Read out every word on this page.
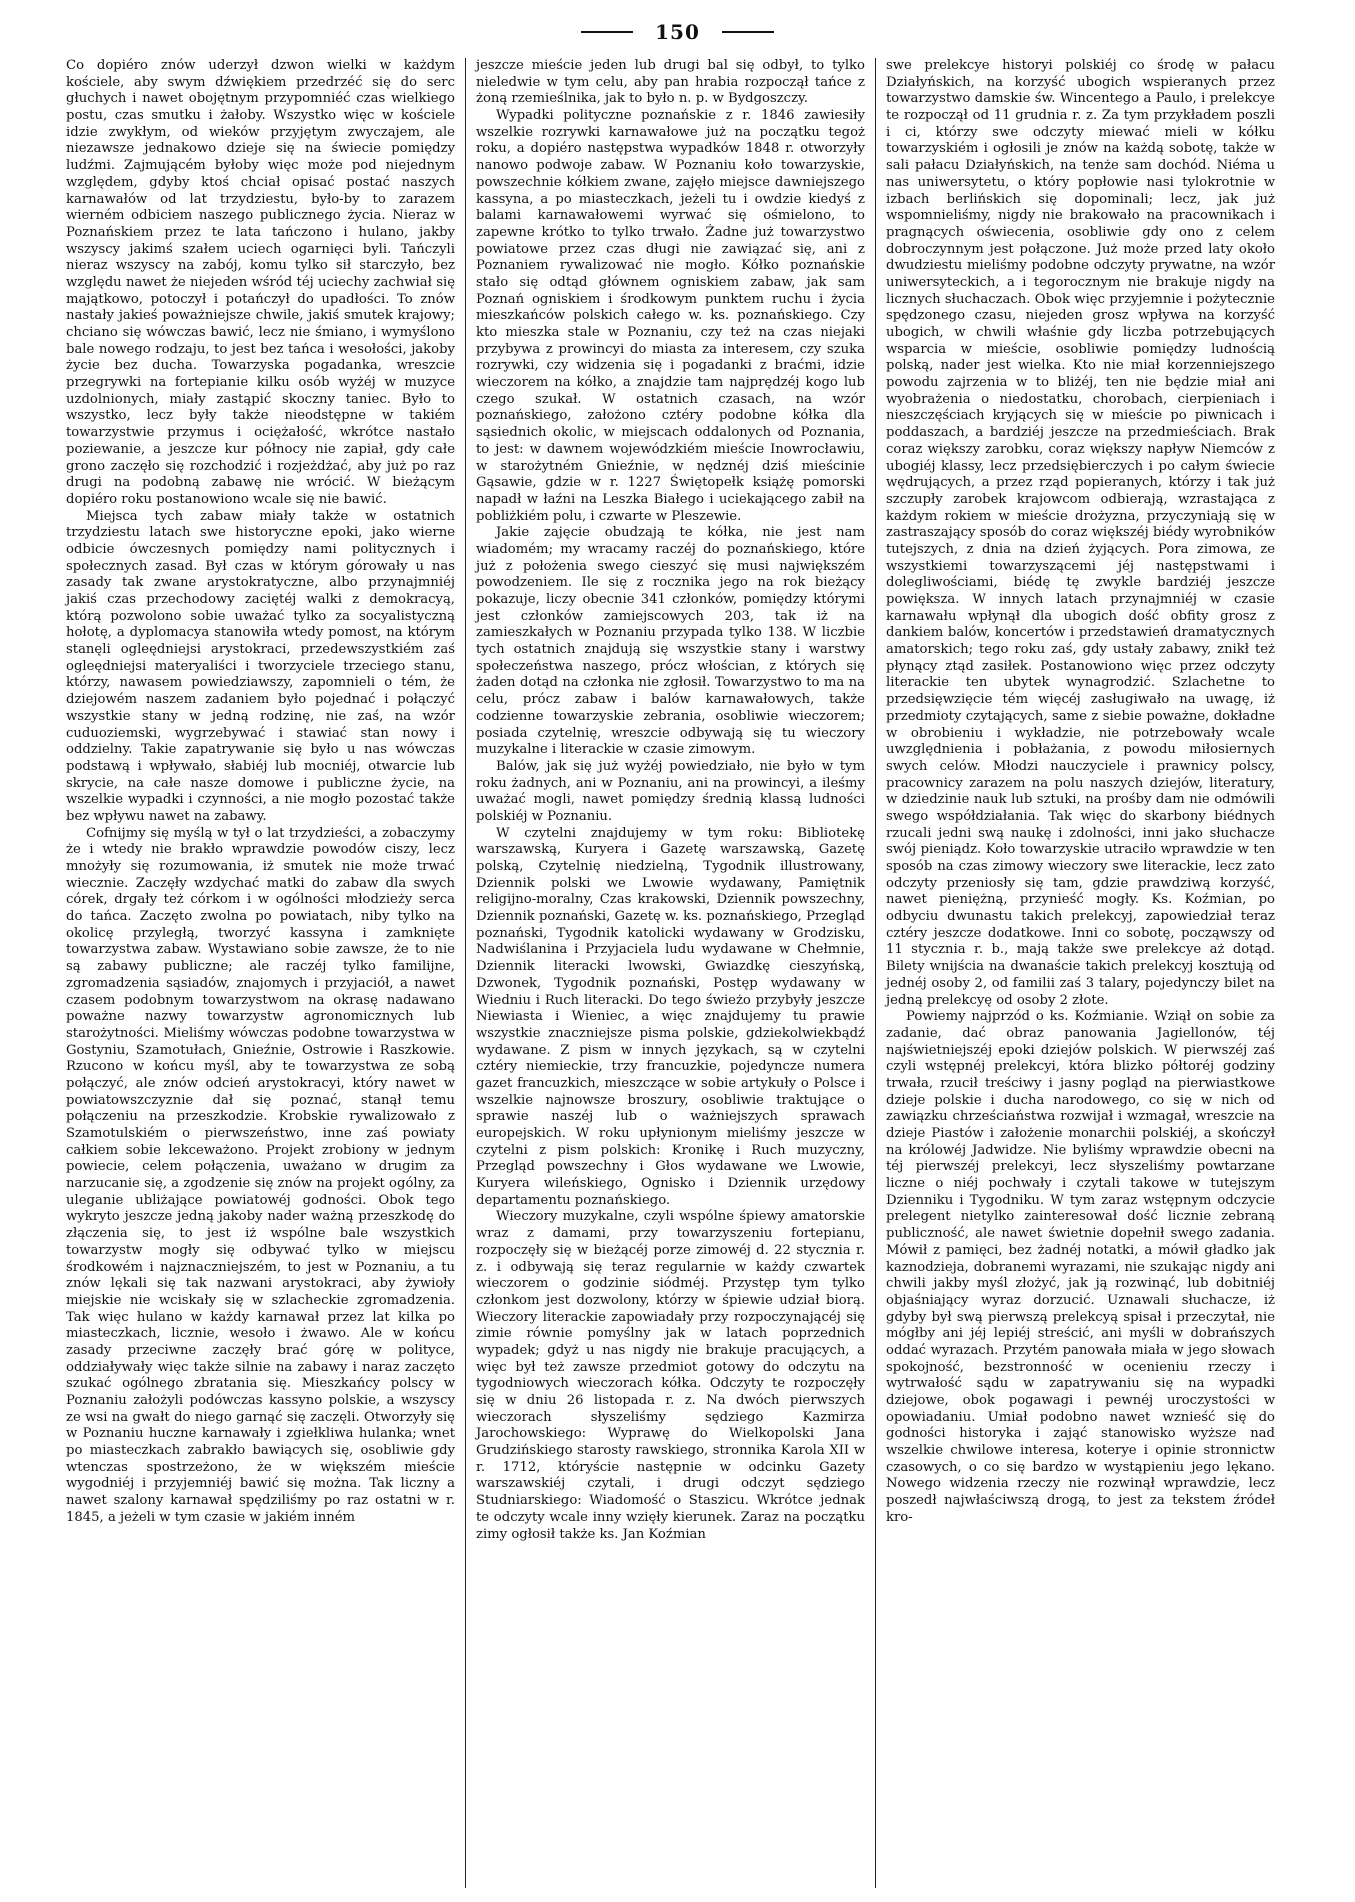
150

Co dopiéro znów uderzył dzwon wielki w każdym kościele, aby swym dźwiękiem przedrzéć się do serc głuchych i nawet obojętnym przypomniéć czas wielkiego postu, czas smutku i żałoby. Wszystko więc w kościele idzie zwykłym, od wieków przyjętym zwyczajem, ale niezawsze jednakowo dzieje się na świecie pomiędzy ludźmi. Zajmującém byłoby więc może pod niejednym względem, gdyby ktoś chciał opisać postać naszych karnawałów od lat trzydziestu, było-by to zarazem wierném odbiciem naszego publicznego życia. Nieraz w Poznańskiem przez te lata tańczono i hulano, jakby wszyscy jakimś szałem uciech ogarnięci byli. Tańczyli nieraz wszyscy na zabój, komu tylko sił starczyło, bez względu nawet że niejeden wśród téj uciechy zachwiał się majątkowo, potoczył i potańczył do upadłości. To znów nastały jakieś poważniejsze chwile, jakiś smutek krajowy; chciano się wówczas bawić, lecz nie śmiano, i wymyślono bale nowego rodzaju, to jest bez tańca i wesołości, jakoby życie bez ducha. Towarzyska pogadanka, wreszcie przegrywki na fortepianie kilku osób wyżéj w muzyce uzdolnionych, miały zastąpić skoczny taniec. Było to wszystko, lecz były także nieodstępne w takiém towarzystwie przymus i ociężałość, wkrótce nastało poziewanie, a jeszcze kur północy nie zapiał, gdy całe grono zaczęło się rozchodzić i rozjeżdżać, aby już po raz drugi na podobną zabawę nie wrócić. W bieżącym dopiéro roku postanowiono wcale się nie bawić.

Miejsca tych zabaw miały także w ostatnich trzydziestu latach swe historyczne epoki, jako wierne odbicie ówczesnych pomiędzy nami politycznych i społecznych zasad. Był czas w którym górowały u nas zasady tak zwane arystokratyczne, albo przynajmniéj jakiś czas przechodowy zaciętéj walki z demokracyą, którą pozwolono sobie uważać tylko za socyalistyczną hołotę, a dyplomacya stanowiła wtedy pomost, na którym stanęli ogleędniejsi arystokraci, przedewszystkiém zaś ogleędniejsi materyaliści i tworzyciele trzeciego stanu, którzy, nawasem powiedziawszy, zapomnieli o tém, że dziejowém naszem zadaniem było pojednać i połączyć wszystkie stany w jedną rodzinę, nie zaś, na wzór cuduoziemski, wygrzebywać i stawiać stan nowy i oddzielny. Takie zapatrywanie się było u nas wówczas podstawą i wpływało, słabiéj lub mocniéj, otwarcie lub skrycie, na całe nasze domowe i publiczne życie, na wszelkie wypadki i czynności, a nie mogło pozostać także bez wpływu nawet na zabawy.

Cofnijmy się myślą w tył o lat trzydzieści, a zobaczymy że i wtedy nie brakło wprawdzie powodów ciszy, lecz mnożyły się rozumowania, iż smutek nie może trwać wiecznie. Zaczęły wzdychać matki do zabaw dla swych córek, drgały też córkom i w ogólności młodzieży serca do tańca. Zaczęto zwolna po powiatach, niby tylko na okolicę przyległą, tworzyć kassyna i zamknięte towarzystwa zabaw. Wystawiano sobie zawsze, że to nie są zabawy publiczne; ale raczéj tylko familijne, zgromadzenia sąsiadów, znajomych i przyjaciół, a nawet czasem podobnym towarzystwom na okrasę nadawano poważne nazwy towarzystw agronomicznych lub starożytności. Mieliśmy wówczas podobne towarzystwa w Gostyniu, Szamotułach, Gnieźnie, Ostrowie i Raszkowie. Rzucono w końcu myśl, aby te towarzystwa ze sobą połączyć, ale znów odcień arystokracyi, który nawet w powiatowszczyznie dał się poznać, stanął temu połączeniu na przeszkodzie. Krobskie rywalizowało z Szamotulskiém o pierwszeństwo, inne zaś powiaty całkiem sobie lekceważono. Projekt zrobiony w jednym powiecie, celem połączenia, uważano w drugim za narzucanie się, a zgodzenie się znów na projekt ogólny, za uleganie ubliżające powiatowéj godności. Obok tego wykryto jeszcze jedną jakoby nader ważną przeszkodę do złączenia się, to jest iż wspólne bale wszystkich towarzystw mogły się odbywać tylko w miejscu środkowém i najznaczniejszém, to jest w Poznaniu, a tu znów lękali się tak nazwani arystokraci, aby żywioły miejskie nie wciskały się w szlacheckie zgromadzenia. Tak więc hulano w każdy karnawał przez lat kilka po miasteczkach, licznie, wesoło i żwawo. Ale w końcu zasady przeciwne zaczęły brać górę w polityce, oddziaływały więc także silnie na zabawy i naraz zaczęto szukać ogólnego zbratania się. Mieszkańcy polscy w Poznaniu założyli podówczas kassyno polskie, a wszyscy ze wsi na gwałt do niego garnąć się zaczęli. Otworzyły się w Poznaniu huczne karnawały i zgiełkliwa hulanka; wnet po miasteczkach zabrakło bawiących się, osobliwie gdy wtenczas spostrzeżono, że w większém mieście wygodniéj i przyjemniéj bawić się można. Tak liczny a nawet szalony karnawał spędziliśmy po raz ostatni w r. 1845, a jeżeli w tym czasie w jakiém inném

jeszcze mieście jeden lub drugi bal się odbył, to tylko nieledwie w tym celu, aby pan hrabia rozpoczął tańce z żoną rzemieślnika, jak to było n. p. w Bydgoszczy.

Wypadki polityczne poznańskie z r. 1846 zawiesiły wszelkie rozrywki karnawałowe już na początku tegoż roku, a dopiéro następstwa wypadków 1848 r. otworzyły nanowo podwoje zabaw. W Poznaniu koło towarzyskie, powszechnie kółkiem zwane, zajęło miejsce dawniejszego kassyna, a po miasteczkach, jeżeli tu i owdzie kiedyś z balami karnawałowemi wyrwać się ośmielono, to zapewne krótko to tylko trwało. Żadne już towarzystwo powiatowe przez czas długi nie zawiązać się, ani z Poznaniem rywalizować nie mogło. Kółko poznańskie stało się odtąd głównem ogniskiem zabaw, jak sam Poznań ogniskiem i środkowym punktem ruchu i życia mieszkańców polskich całego w. ks. poznańskiego. Czy kto mieszka stale w Poznaniu, czy też na czas niejaki przybywa z prowincyi do miasta za interesem, czy szuka rozrywki, czy widzenia się i pogadanki z braćmi, idzie wieczorem na kółko, a znajdzie tam najprędzéj kogo lub czego szukał. W ostatnich czasach, na wzór poznańskiego, założono cztéry podobne kółka dla sąsiednich okolic, w miejscach oddalonych od Poznania, to jest: w dawnem wojewódzkiém mieście Inowrocławiu, w starożytném Gnieźnie, w nędznéj dziś mieścinie Gąsawie, gdzie w r. 1227 Świętopełk książę pomorski napadł w łaźni na Leszka Białego i uciekającego zabił na pobliżkiém polu, i czwarte w Pleszewie.

Jakie zajęcie obudzają te kółka, nie jest nam wiadomém; my wracamy raczéj do poznańskiego, które już z położenia swego cieszyć się musi największém powodzeniem. Ile się z rocznika jego na rok bieżący pokazuje, liczy obecnie 341 członków, pomiędzy którymi jest członków zamiejscowych 203, tak iż na zamieszkałych w Poznaniu przypada tylko 138. W liczbie tych ostatnich znajdują się wszystkie stany i warstwy społeczeństwa naszego, prócz włościan, z których się żaden dotąd na członka nie zgłosił. Towarzystwo to ma na celu, prócz zabaw i balów karnawałowych, także codzienne towarzyskie zebrania, osobliwie wieczorem; posiada czytelnię, wreszcie odbywają się tu wieczory muzykalne i literackie w czasie zimowym.

Balów, jak się już wyżéj powiedziało, nie było w tym roku żadnych, ani w Poznaniu, ani na prowincyi, a ileśmy uważać mogli, nawet pomiędzy średnią klassą ludności polskiéj w Poznaniu.

W czytelni znajdujemy w tym roku: Bibliotekę warszawską, Kuryera i Gazetę warszawską, Gazetę polską, Czytelnię niedzielną, Tygodnik illustrowany, Dziennik polski we Lwowie wydawany, Pamiętnik religijno-moralny, Czas krakowski, Dziennik powszechny, Dziennik poznański, Gazetę w. ks. poznańskiego, Przegląd poznański, Tygodnik katolicki wydawany w Grodzisku, Nadwiślanina i Przyjaciela ludu wydawane w Chełmnie, Dziennik literacki lwowski, Gwiazdkę cieszyńską, Dzwonek, Tygodnik poznański, Postęp wydawany w Wiedniu i Ruch literacki. Do tego świeżo przybyły jeszcze Niewiasta i Wieniec, a więc znajdujemy tu prawie wszystkie znaczniejsze pisma polskie, gdziekolwiekbądź wydawane. Z pism w innych językach, są w czytelni cztéry niemieckie, trzy francuzkie, pojedyncze numera gazet francuzkich, mieszczące w sobie artykuły o Polsce i wszelkie najnowsze broszury, osobliwie traktujące o sprawie naszéj lub o ważniejszych sprawach europejskich. W roku upłynionym mieliśmy jeszcze w czytelni z pism polskich: Kronikę i Ruch muzyczny, Przegląd powszechny i Głos wydawane we Lwowie, Kuryera wileńskiego, Ognisko i Dziennik urzędowy departamentu poznańskiego.

Wieczory muzykalne, czyli wspólne śpiewy amatorskie wraz z damami, przy towarzyszeniu fortepianu, rozpoczęły się w bieżącéj porze zimowéj d. 22 stycznia r. z. i odbywają się teraz regularnie w każdy czwartek wieczorem o godzinie siódméj. Przystęp tym tylko członkom jest dozwolony, którzy w śpiewie udział biorą. Wieczory literackie zapowiadały przy rozpoczynającéj się zimie równie pomyślny jak w latach poprzednich wypadek; gdyż u nas nigdy nie brakuje pracujących, a więc był też zawsze przedmiot gotowy do odczytu na tygodniowych wieczorach kółka. Odczyty te rozpoczęły się w dniu 26 listopada r. z. Na dwóch pierwszych wieczorach słyszeliśmy sędziego Kazmirza Jarochowskiego: Wyprawę do Wielkopolski Jana Grudzińskiego starosty rawskiego, stronnika Karola XII w r. 1712, któryście następnie w odcinku Gazety warszawskiéj czytali, i drugi odczyt sędziego Studniarskiego: Wiadomość o Staszicu. Wkrótce jednak te odczyty wcale inny wzięły kierunek. Zaraz na początku zimy ogłosił także ks. Jan Koźmian

swe prelekcye historyi polskiéj co środę w pałacu Działyńskich, na korzyść ubogich wspieranych przez towarzystwo damskie św. Wincentego a Paulo, i prelekcye te rozpoczął od 11 grudnia r. z. Za tym przykładem poszli i ci, którzy swe odczyty miewać mieli w kółku towarzyskiém i ogłosili je znów na każdą sobotę, także w sali pałacu Działyńskich, na tenże sam dochód. Niéma u nas uniwersytetu, o który popłowie nasi tylokrotnie w izbach berlińskich się dopominali; lecz, jak już wspomnieliśmy, nigdy nie brakowało na pracownikach i pragnących oświecenia, osobliwie gdy ono z celem dobroczynnym jest połączone. Już może przed laty około dwudziestu mieliśmy podobne odczyty prywatne, na wzór uniwersyteckich, a i tegorocznym nie brakuje nigdy na licznych słuchaczach. Obok więc przyjemnie i pożyteczniе spędzonego czasu, niejeden grosz wpływa na korzyść ubogich, w chwili właśnie gdy liczba potrzebujących wsparcia w mieście, osobliwie pomiędzy ludnością polską, nader jest wielka. Kto nie miał korzenniejszego powodu zajrzenia w to bliżéj, ten nie będzie miał ani wyobrażenia o niedostatku, chorobach, cierpieniach i nieszczęściach kryjących się w mieście po piwnicach i poddaszach, a bardziéj jeszcze na przedmieściach. Brak coraz większy zarobku, coraz większy napływ Niemców z ubogiéj klassy, lecz przedsiębierczych i po całym świecie wędrujących, a przez rząd popieranych, którzy i tak już szczupły zarobek krajowcom odbierają, wzrastająca z każdym rokiem w mieście drożyzna, przyczyniają się w zastraszający sposób do coraz większéj biédy wyrobników tutejszych, z dnia na dzień żyjących. Pora zimowa, ze wszystkiemi towarzyszącemi jéj następstwami i dolegliwościami, biédę tę zwykle bardziéj jeszcze powiększa. W innych latach przynajmniéj w czasie karnawału wpłynął dla ubogich dość obfity grosz z dankiem balów, koncertów i przedstawień dramatycznych amatorskich; tego roku zaś, gdy ustały zabawy, znikł też płynący ztąd zasiłek. Postanowiono więc przez odczyty literackie ten ubytek wynagrodzić. Szlachetne to przedsięwzięcie tém więcéj zasługiwało na uwagę, iż przedmioty czytających, same z siebie poważne, dokładne w obrobieniu i wykładzie, nie potrzebowały wcale uwzględnienia i pobłażania, z powodu miłosiernych swych celów. Młodzi nauczyciele i prawnicy polscy, pracownicy zarazem na polu naszych dziejów, literatury, w dziedzinie nauk lub sztuki, na prośby dam nie odmówili swego współdziałania. Tak więc do skarbony biédnych rzucali jedni swą naukę i zdolności, inni jako słuchacze swój pieniądz. Koło towarzyskie utraciło wprawdzie w ten sposób na czas zimowy wieczory swe literackie, lecz zato odczyty przeniosły się tam, gdzie prawdziwą korzyść, nawet pieniężną, przynieść mogły. Ks. Koźmian, po odbyciu dwunastu takich prelekcyj, zapowiedział teraz cztéry jeszcze dodatkowe. Inni co sobotę, począwszy od 11 stycznia r. b., mają także swe prelekcye aż dotąd. Bilety wnijścia na dwanaście takich prelekcyj kosztują od jednéj osoby 2, od familii zaś 3 talary, pojedynczy bilet na jedną prelekcyę od osoby 2 złote.

Powiemy najprzód o ks. Koźmianie. Wziął on sobie za zadanie, dać obraz panowania Jagiellonów, téj najświetniejszéj epoki dziejów polskich. W pierwszéj zaś czyli wstępnéj prelekcyi, która blizko półtoréj godziny trwała, rzucił treściwy i jasny pogląd na pierwiastkowe dzieje polskie i ducha narodowego, co się w nich od zawiązku chrześciaństwa rozwijał i wzmagał, wreszcie na dzieje Piastów i założenie monarchii polskiéj, a skończył na królowéj Jadwidze. Nie byliśmy wprawdzie obecni na téj pierwszéj prelekcyi, lecz słyszeliśmy powtarzane liczne o niéj pochwały i czytali takowe w tutejszym Dzienniku i Tygodniku. W tym zaraz wstępnym odczycie prelegent nietylko zainteresował dość licznie zebraną publiczność, ale nawet świetnie dopełnił swego zadania. Mówił z pamięci, bez żadnéj notatki, a mówił gładko jak kaznodzieja, dobranemi wyrazami, nie szukając nigdy ani chwili jakby myśl złożyć, jak ją rozwinąć, lub dobitniéj objaśniający wyraz dorzucić. Uznawali słuchacze, iż gdyby był swą pierwszą prelekcyą spisał i przeczytał, nie mógłby ani jéj lepiéj streścić, ani myśli w dobrańszych oddać wyrazach. Przytém panowała miała w jego słowach spokojność, bezstronność w ocenieniu rzeczy i wytrwałość sądu w zapatrywaniu się na wypadki dziejowe, obok pogawagi i pewnéj uroczystości w opowiadaniu. Umiał podobno nawet wznieść się do godności historyka i zająć stanowisko wyższe nad wszelkie chwilowe interesa, koterye i opinie stronnictw czasowych, o co się bardzo w wystąpieniu jego lękano. Nowego widzenia rzeczy nie rozwinął wprawdzie, lecz poszedł najwłaściwszą drogą, to jest za tekstem źródeł kro-
